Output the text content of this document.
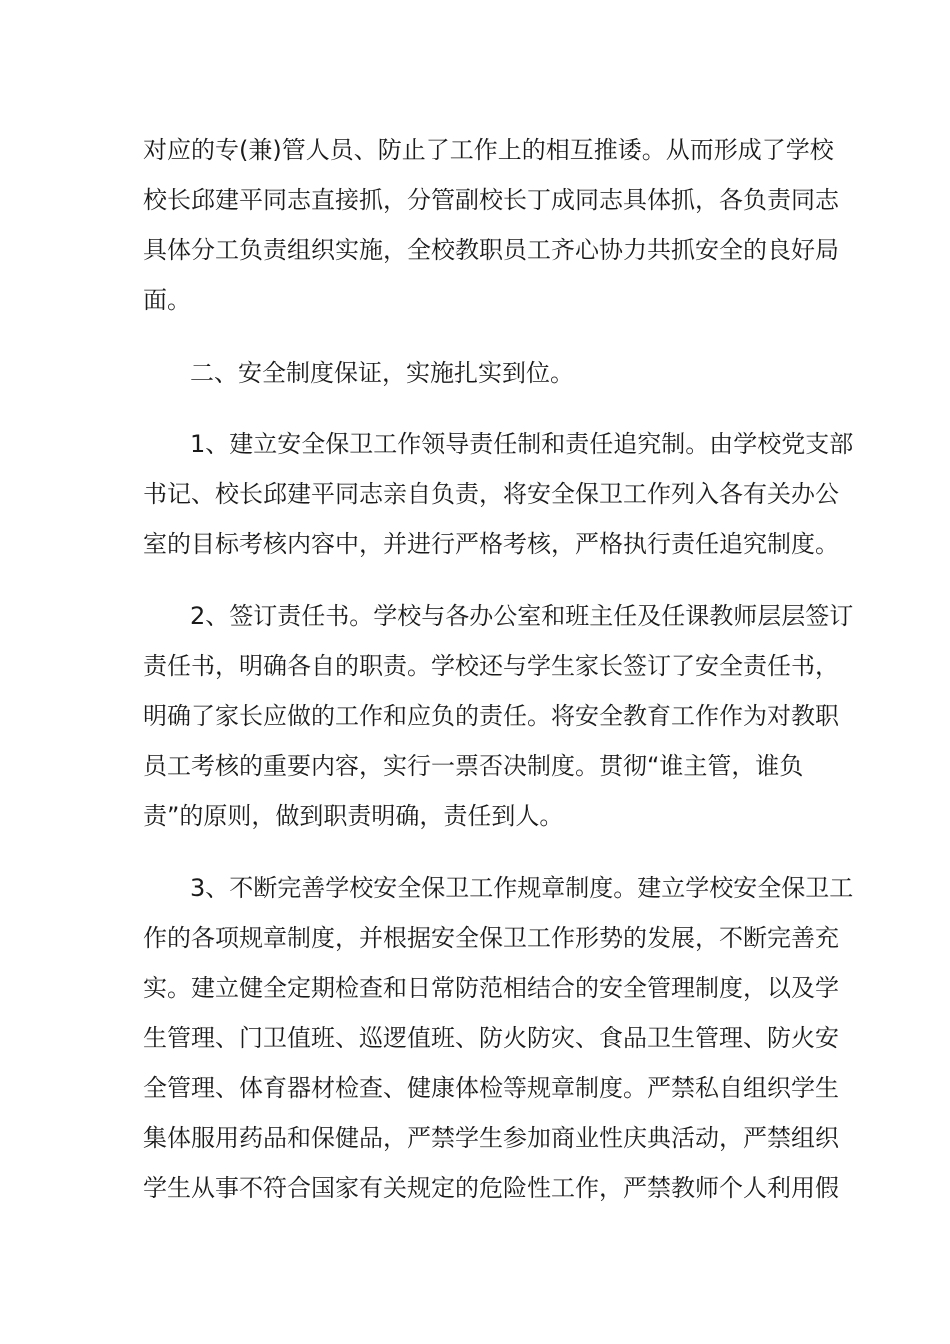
对应的专(兼)管人员、防止了工作上的相互推诿。从而形成了学校
校长邱建平同志直接抓，分管副校长丁成同志具体抓，各负责同志
具体分工负责组织实施，全校教职员工齐心协力共抓安全的良好局
面。
二、安全制度保证，实施扎实到位。
1、建立安全保卫工作领导责任制和责任追究制。由学校党支部
书记、校长邱建平同志亲自负责，将安全保卫工作列入各有关办公
室的目标考核内容中，并进行严格考核，严格执行责任追究制度。
2、签订责任书。学校与各办公室和班主任及任课教师层层签订
责任书，明确各自的职责。学校还与学生家长签订了安全责任书，
明确了家长应做的工作和应负的责任。将安全教育工作作为对教职
员工考核的重要内容，实行一票否决制度。贯彻“谁主管，谁负
责”的原则，做到职责明确，责任到人。
3、不断完善学校安全保卫工作规章制度。建立学校安全保卫工
作的各项规章制度，并根据安全保卫工作形势的发展，不断完善充
实。建立健全定期检查和日常防范相结合的安全管理制度，以及学
生管理、门卫值班、巡逻值班、防火防灾、食品卫生管理、防火安
全管理、体育器材检查、健康体检等规章制度。严禁私自组织学生
集体服用药品和保健品，严禁学生参加商业性庆典活动，严禁组织
学生从事不符合国家有关规定的危险性工作，严禁教师个人利用假
